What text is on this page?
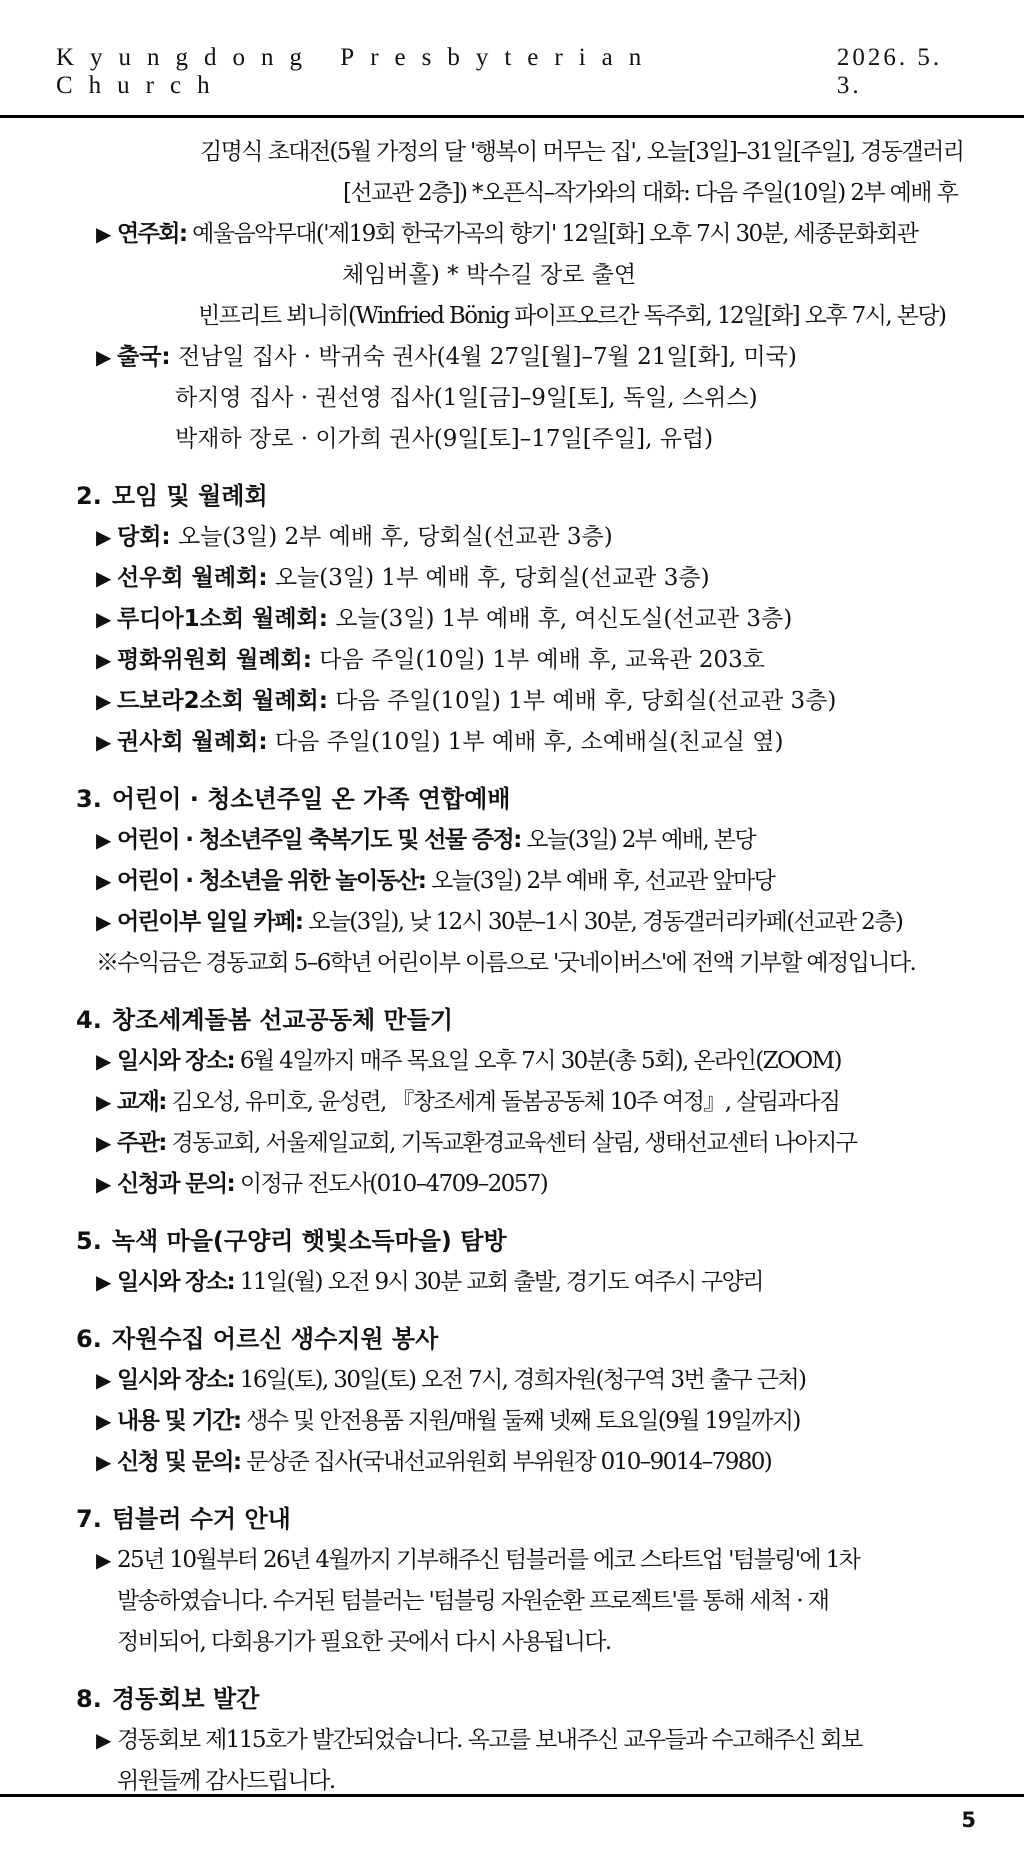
Kyungdong Presbyterian Church
2026. 5. 3.
김명식 초대전(5월 가정의 달 '행복이 머무는 집', 오늘[3일]–31일[주일], 경동갤러리
[선교관 2층]) *오픈식–작가와의 대화: 다음 주일(10일) 2부 예배 후
▶ 연주회: 예울음악무대('제19회 한국가곡의 향기' 12일[화] 오후 7시 30분, 세종문화회관
체임버홀) * 박수길 장로 출연
빈프리트 뵈니히(Winfried Bönig 파이프오르간 독주회, 12일[화] 오후 7시, 본당)
▶ 출국: 전남일 집사 · 박귀숙 권사(4월 27일[월]–7월 21일[화], 미국)
하지영 집사 · 권선영 집사(1일[금]–9일[토], 독일, 스위스)
박재하 장로 · 이가희 권사(9일[토]–17일[주일], 유럽)
2. 모임 및 월례회
▶ 당회: 오늘(3일) 2부 예배 후, 당회실(선교관 3층)
▶ 선우회 월례회: 오늘(3일) 1부 예배 후, 당회실(선교관 3층)
▶ 루디아1소회 월례회: 오늘(3일) 1부 예배 후, 여신도실(선교관 3층)
▶ 평화위원회 월례회: 다음 주일(10일) 1부 예배 후, 교육관 203호
▶ 드보라2소회 월례회: 다음 주일(10일) 1부 예배 후, 당회실(선교관 3층)
▶ 권사회 월례회: 다음 주일(10일) 1부 예배 후, 소예배실(친교실 옆)
3. 어린이 · 청소년주일 온 가족 연합예배
▶ 어린이 · 청소년주일 축복기도 및 선물 증정: 오늘(3일) 2부 예배, 본당
▶ 어린이 · 청소년을 위한 놀이동산: 오늘(3일) 2부 예배 후, 선교관 앞마당
▶ 어린이부 일일 카페: 오늘(3일), 낮 12시 30분–1시 30분, 경동갤러리카페(선교관 2층)
※수익금은 경동교회 5–6학년 어린이부 이름으로 '굿네이버스'에 전액 기부할 예정입니다.
4. 창조세계돌봄 선교공동체 만들기
▶ 일시와 장소: 6월 4일까지 매주 목요일 오후 7시 30분(총 5회), 온라인(ZOOM)
▶ 교재: 김오성, 유미호, 윤성련, 『창조세계 돌봄공동체 10주 여정』, 살림과다짐
▶ 주관: 경동교회, 서울제일교회, 기독교환경교육센터 살림, 생태선교센터 나아지구
▶ 신청과 문의: 이정규 전도사(010–4709–2057)
5. 녹색 마을(구양리 햇빛소득마을) 탐방
▶ 일시와 장소: 11일(월) 오전 9시 30분 교회 출발, 경기도 여주시 구양리
6. 자원수집 어르신 생수지원 봉사
▶ 일시와 장소: 16일(토), 30일(토) 오전 7시, 경희자원(청구역 3번 출구 근처)
▶ 내용 및 기간: 생수 및 안전용품 지원/매월 둘째 넷째 토요일(9월 19일까지)
▶ 신청 및 문의: 문상준 집사(국내선교위원회 부위원장 010–9014–7980)
7. 텀블러 수거 안내
▶ 25년 10월부터 26년 4월까지 기부해주신 텀블러를 에코 스타트업 '텀블링'에 1차
발송하였습니다. 수거된 텀블러는 '텀블링 자원순환 프로젝트'를 통해 세척 · 재
정비되어, 다회용기가 필요한 곳에서 다시 사용됩니다.
8. 경동회보 발간
▶ 경동회보 제115호가 발간되었습니다. 옥고를 보내주신 교우들과 수고해주신 회보
위원들께 감사드립니다.
5
